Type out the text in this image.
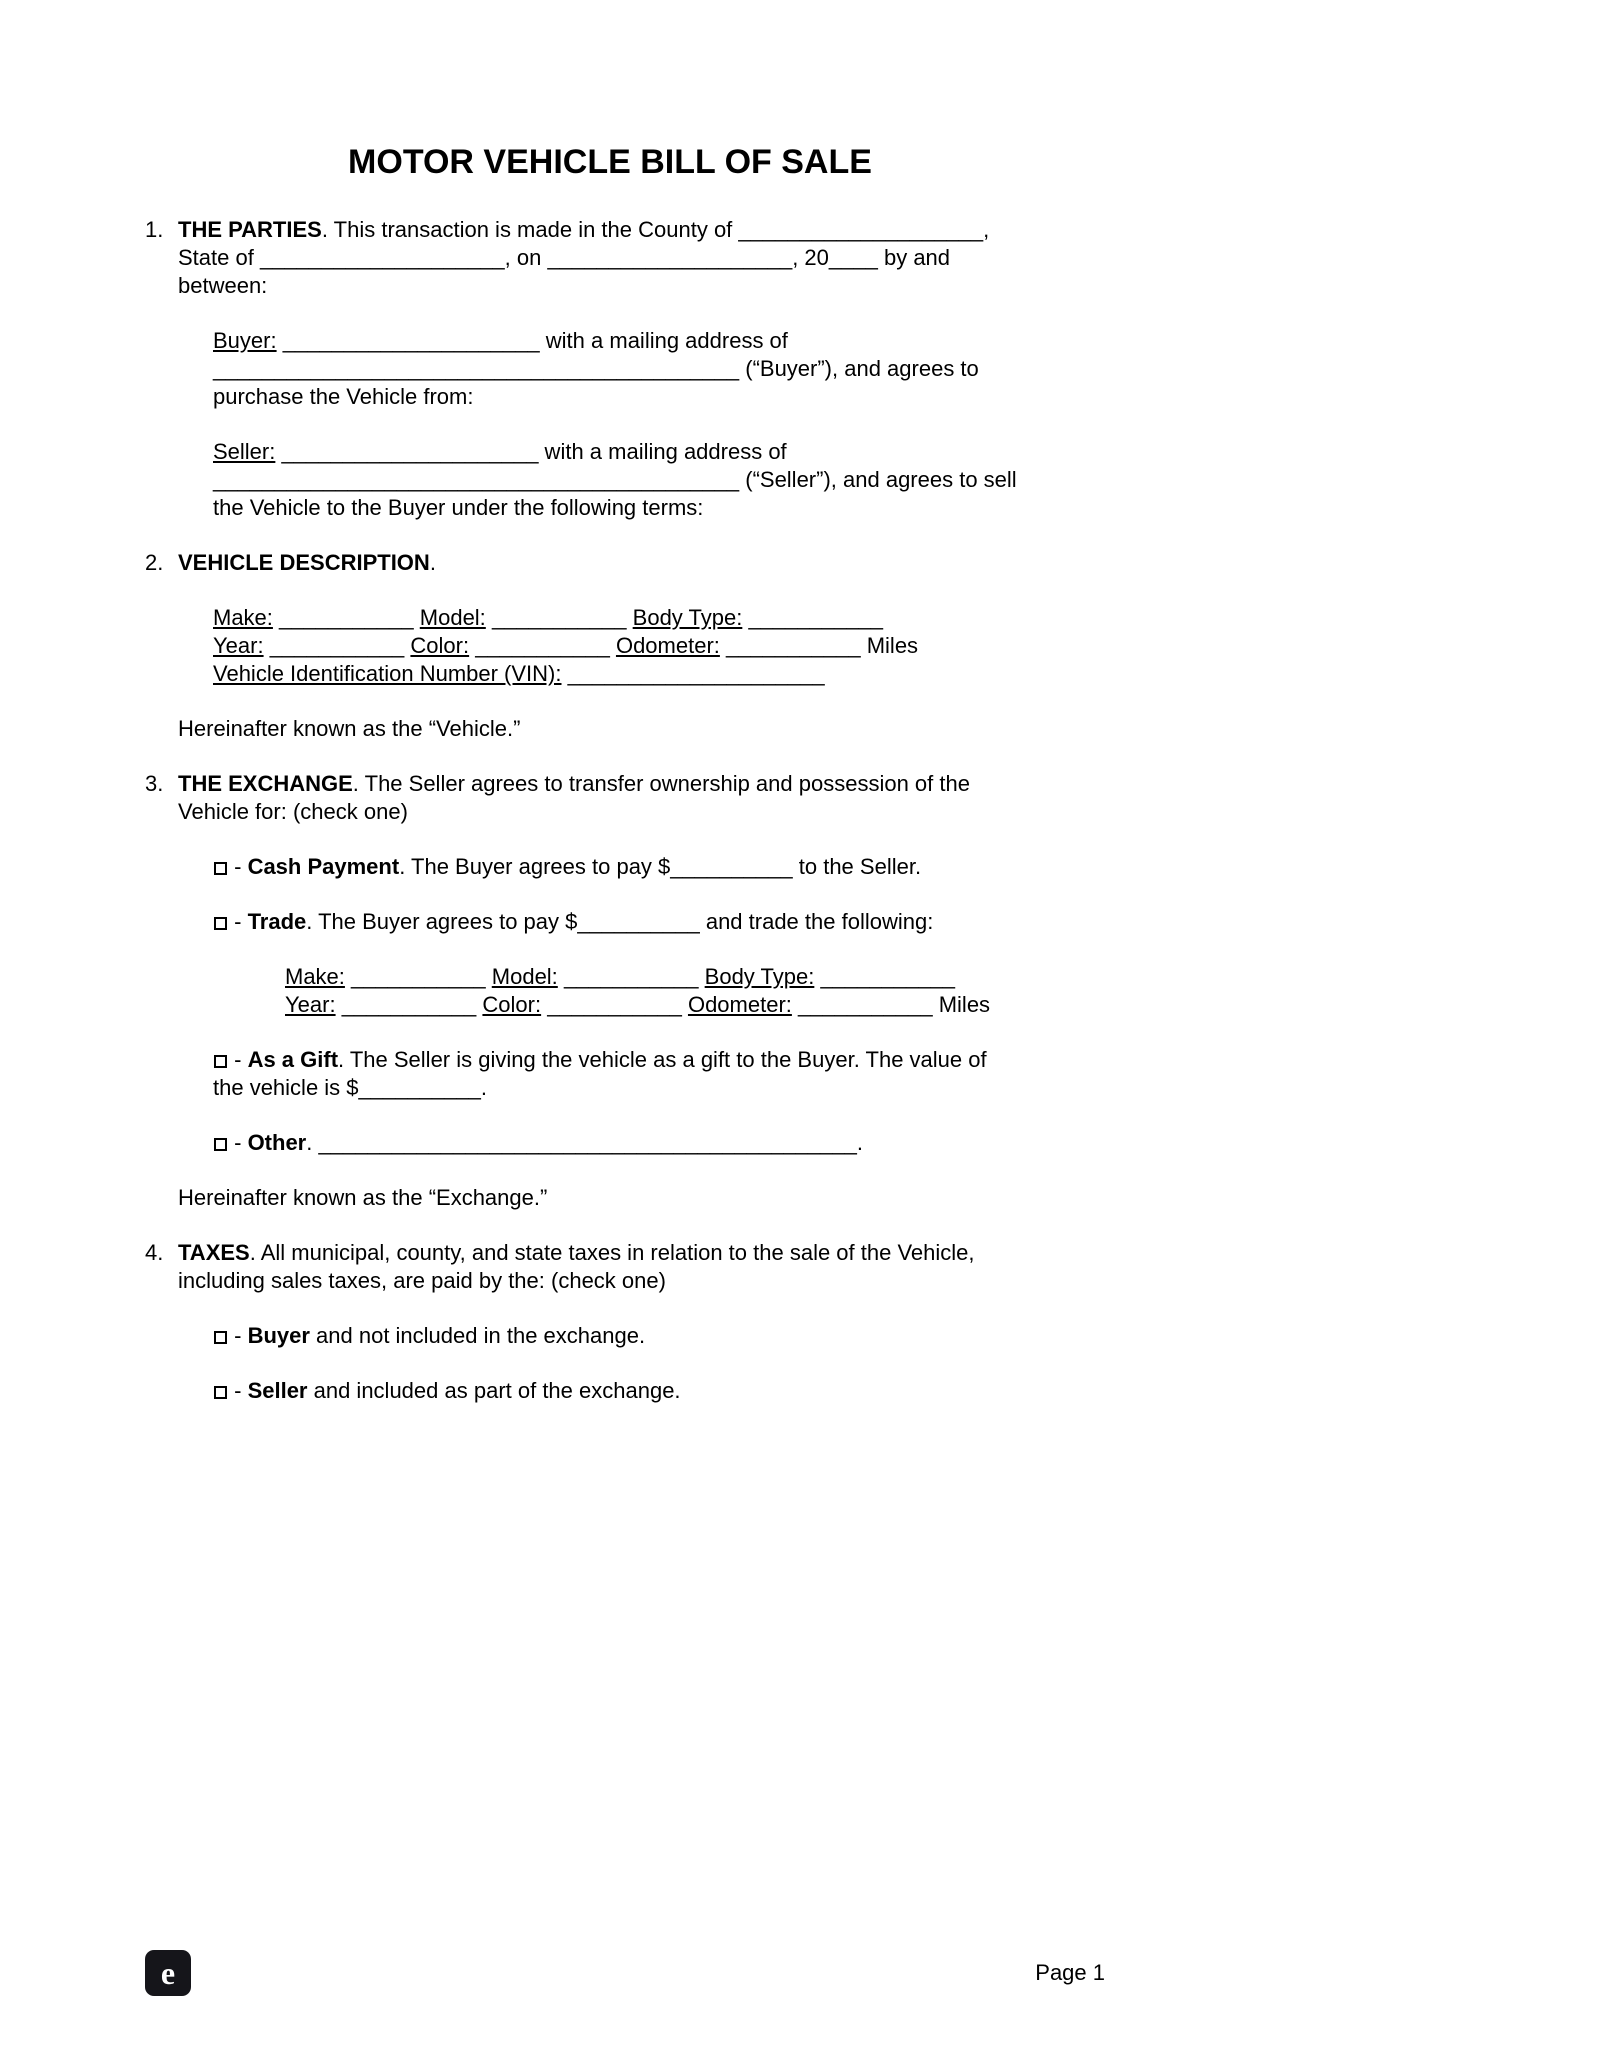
MOTOR VEHICLE BILL OF SALE
1. THE PARTIES. This transaction is made in the County of ____________________,
State of ____________________, on ____________________, 20____ by and
between:

Buyer: _____________________ with a mailing address of
___________________________________________ (“Buyer”), and agrees to
purchase the Vehicle from:

Seller: _____________________ with a mailing address of
___________________________________________ (“Seller”), and agrees to sell
the Vehicle to the Buyer under the following terms:

2. VEHICLE DESCRIPTION.

Make: ___________ Model: ___________ Body Type: ___________
Year: ___________ Color: ___________ Odometer: ___________ Miles
Vehicle Identification Number (VIN): _____________________

Hereinafter known as the “Vehicle.”

3. THE EXCHANGE. The Seller agrees to transfer ownership and possession of the
Vehicle for: (check one)

- Cash Payment. The Buyer agrees to pay $__________ to the Seller.

- Trade. The Buyer agrees to pay $__________ and trade the following:

Make: ___________ Model: ___________ Body Type: ___________
Year: ___________ Color: ___________ Odometer: ___________ Miles

- As a Gift. The Seller is giving the vehicle as a gift to the Buyer. The value of
the vehicle is $__________.

- Other. ____________________________________________.

Hereinafter known as the “Exchange.”

4. TAXES. All municipal, county, and state taxes in relation to the sale of the Vehicle,
including sales taxes, are paid by the: (check one)

- Buyer and not included in the exchange.

- Seller and included as part of the exchange.

e	Page 1
